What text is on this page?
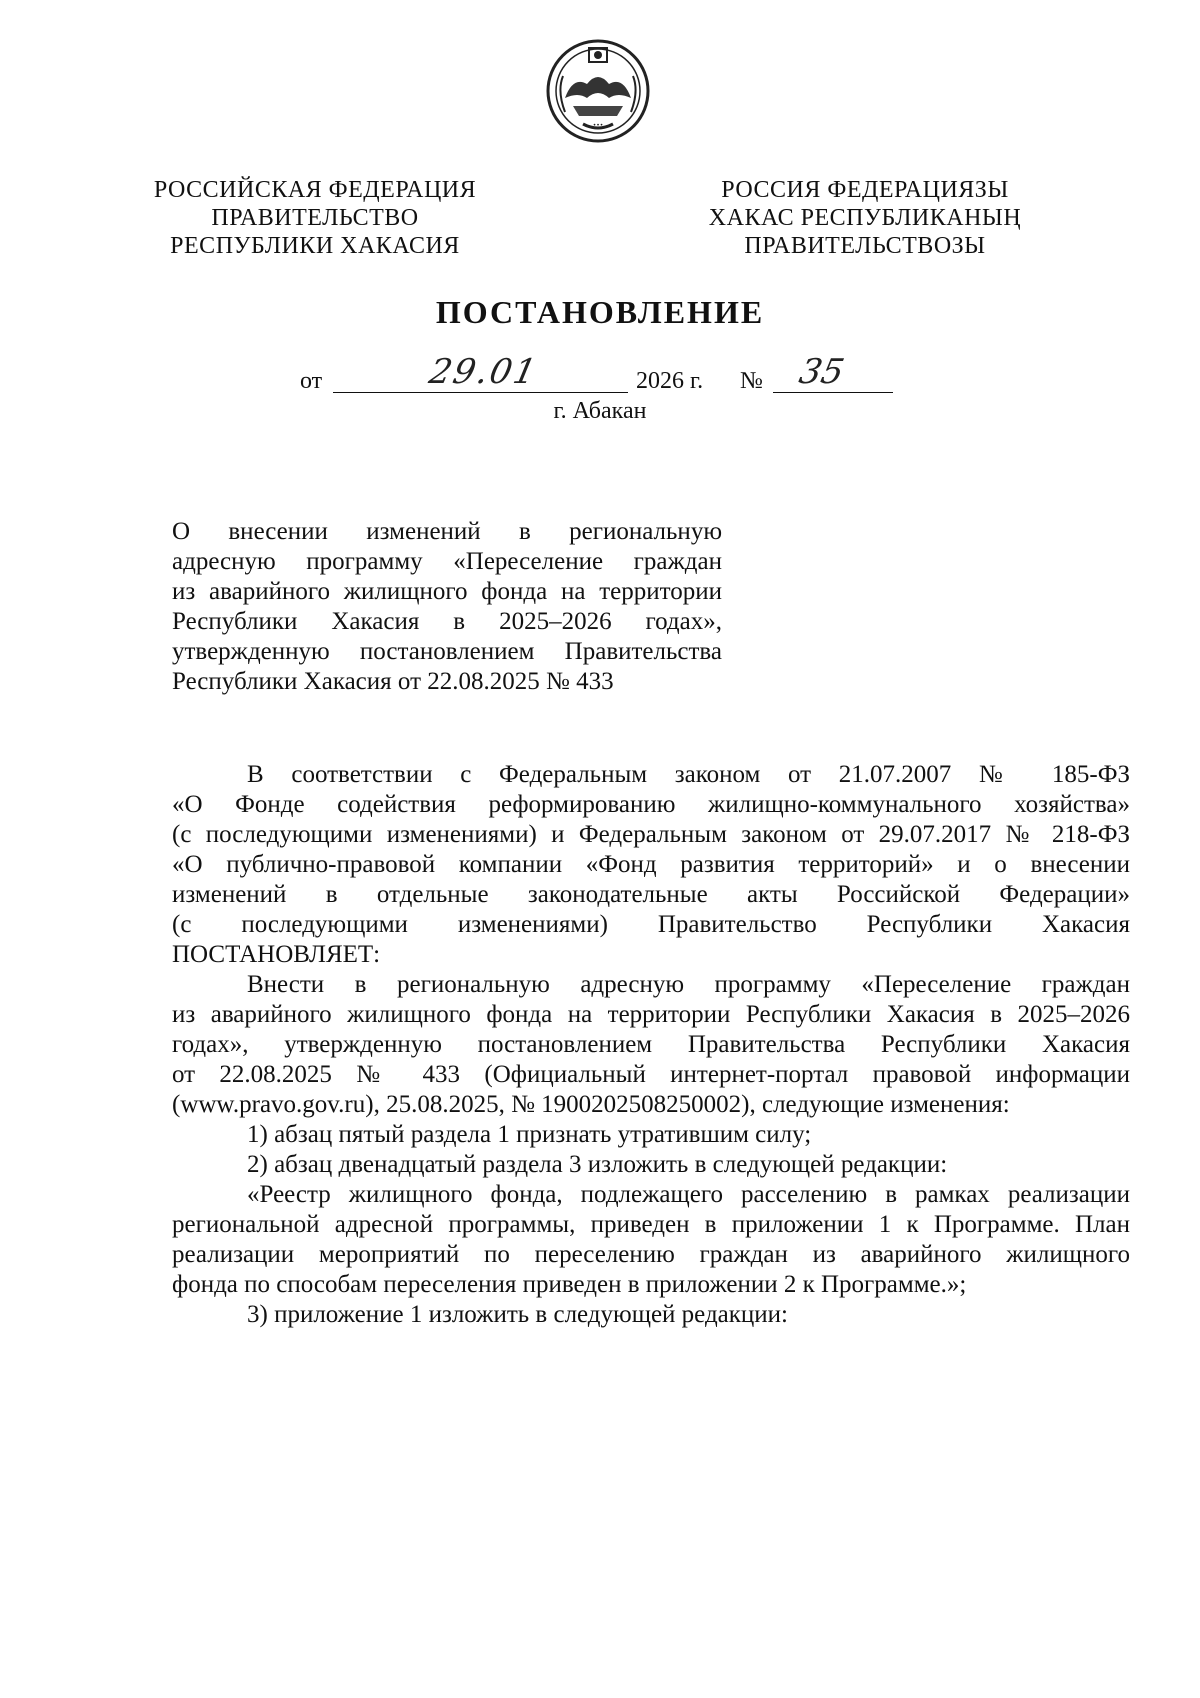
•••
РОССИЙСКАЯ ФЕДЕРАЦИЯ
ПРАВИТЕЛЬСТВО
РЕСПУБЛИКИ ХАКАСИЯ
РОССИЯ ФЕДЕРАЦИЯЗЫ
ХАКАС РЕСПУБЛИКАНЫҢ
ПРАВИТЕЛЬСТВОЗЫ
ПОСТАНОВЛЕНИЕ
от	29.01	2026 г. № 35
г. Абакан
О внесении изменений в региональную
адресную программу «Переселение граждан
из аварийного жилищного фонда на территории
Республики Хакасия в 2025–2026 годах»,
утвержденную постановлением Правительства
Республики Хакасия от 22.08.2025 № 433
В соответствии с Федеральным законом от 21.07.2007 № 185-ФЗ
«О Фонде содействия реформированию жилищно-коммунального хозяйства»
(с последующими изменениями) и Федеральным законом от 29.07.2017 № 218-ФЗ
«О публично-правовой компании «Фонд развития территорий» и о внесении
изменений в отдельные законодательные акты Российской Федерации»
(с последующими изменениями) Правительство Республики Хакасия
ПОСТАНОВЛЯЕТ:
Внести в региональную адресную программу «Переселение граждан
из аварийного жилищного фонда на территории Республики Хакасия в 2025–2026
годах», утвержденную постановлением Правительства Республики Хакасия
от 22.08.2025 № 433 (Официальный интернет-портал правовой информации
(www.pravo.gov.ru), 25.08.2025, № 1900202508250002), следующие изменения:
1) абзац пятый раздела 1 признать утратившим силу;
2) абзац двенадцатый раздела 3 изложить в следующей редакции:
«Реестр жилищного фонда, подлежащего расселению в рамках реализации
региональной адресной программы, приведен в приложении 1 к Программе. План
реализации мероприятий по переселению граждан из аварийного жилищного
фонда по способам переселения приведен в приложении 2 к Программе.»;
3) приложение 1 изложить в следующей редакции:
